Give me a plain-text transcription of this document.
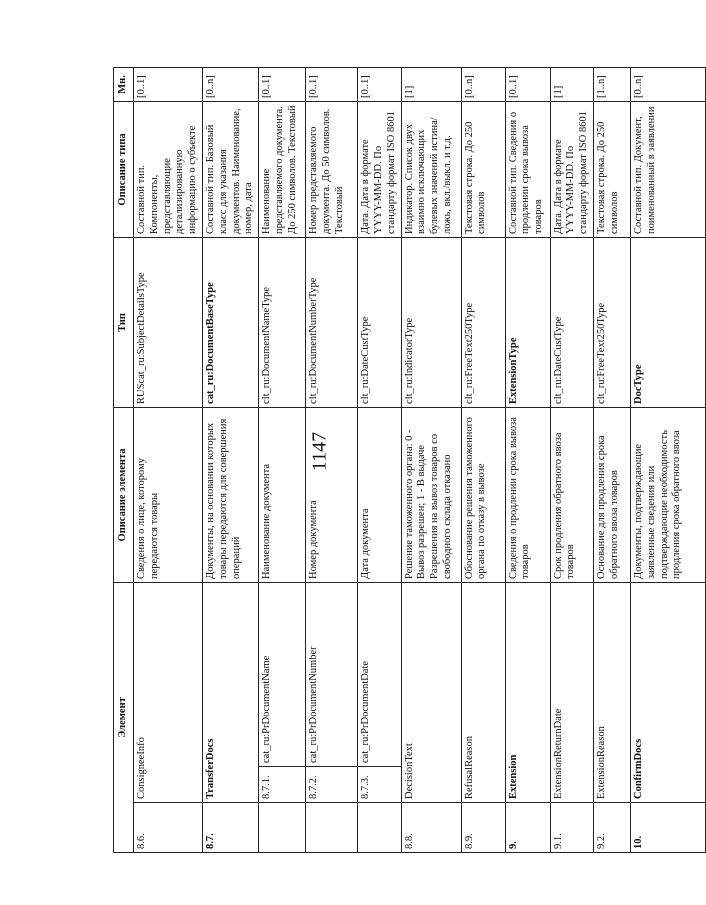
1147
Элемент			Описание элемента	Тип	Описание типа	Мн.
8.6.	ConsigneeInfo		Сведения о лице, которому передаются товары	RUScat_ru:SubjectDetailsType	Составной тип. Компоненты, представляющие детализированную информацию о субъекте	[0..1]
8.7.	TransferDocs		Документы, на основании которых товары передаются для совершения операций	cat_ru:DocumentBaseType	Составной тип. Базовый класс для указания документов. Наименование, номер, дата	[0..n]
	8.7.1.	cat_ru:PrDocumentName	Наименование документа	clt_ru:DocumentNameType	Наименование представляемого документа. До 250 символов. Текстовый	[0..1]
	8.7.2.	cat_ru:PrDocumentNumber	Номер документа	clt_ru:DocumentNumberType	Номер представляемого документа. До 50 символов. Текстовый	[0..1]
	8.7.3.	cat_ru:PrDocumentDate	Дата документа	clt_ru:DateCustType	Дата. Дата в формате YYYY-MM-DD. По стандарту формат ISO 8601	[0..1]
8.8.	DecisionText		Решение таможенного органа: 0 - Вывоз разрешен; 1 - В выдаче Разрешения на вывоз товаров со свободного склада отказано	clt_ru:IndicatorType	Индикатор. Список двух взаимно исключающих булевых значений истина/ложь, вкл./выкл. и т.д.	[1]
8.9.	RefusalReason		Обоснование решения таможенного органа по отказу в вывозе	clt_ru:FreeText250Type	Текстовая строка. До 250 символов	[0..n]
9.	Extension		Сведения о продлении срока вывоза товаров	ExtensionType	Составной тип. Сведения о продлении срока вывоза товаров	[0..1]
9.1.	ExtensionReturnDate		Срок продления обратного ввоза товаров	clt_ru:DateCustType	Дата. Дата в формате YYYY-MM-DD. По стандарту формат ISO 8601	[1]
9.2.	ExtensionReason		Основание для продления срока обратного ввоза товаров	clt_ru:FreeText250Type	Текстовая строка. До 250 символов	[1..n]
10.	ConfirmDocs		Документы, подтверждающие заявленные сведения или подтверждающие необходимость продления срока обратного ввоза	DocType	Составной тип. Документ, поименованный в заявлении	[0..n]
